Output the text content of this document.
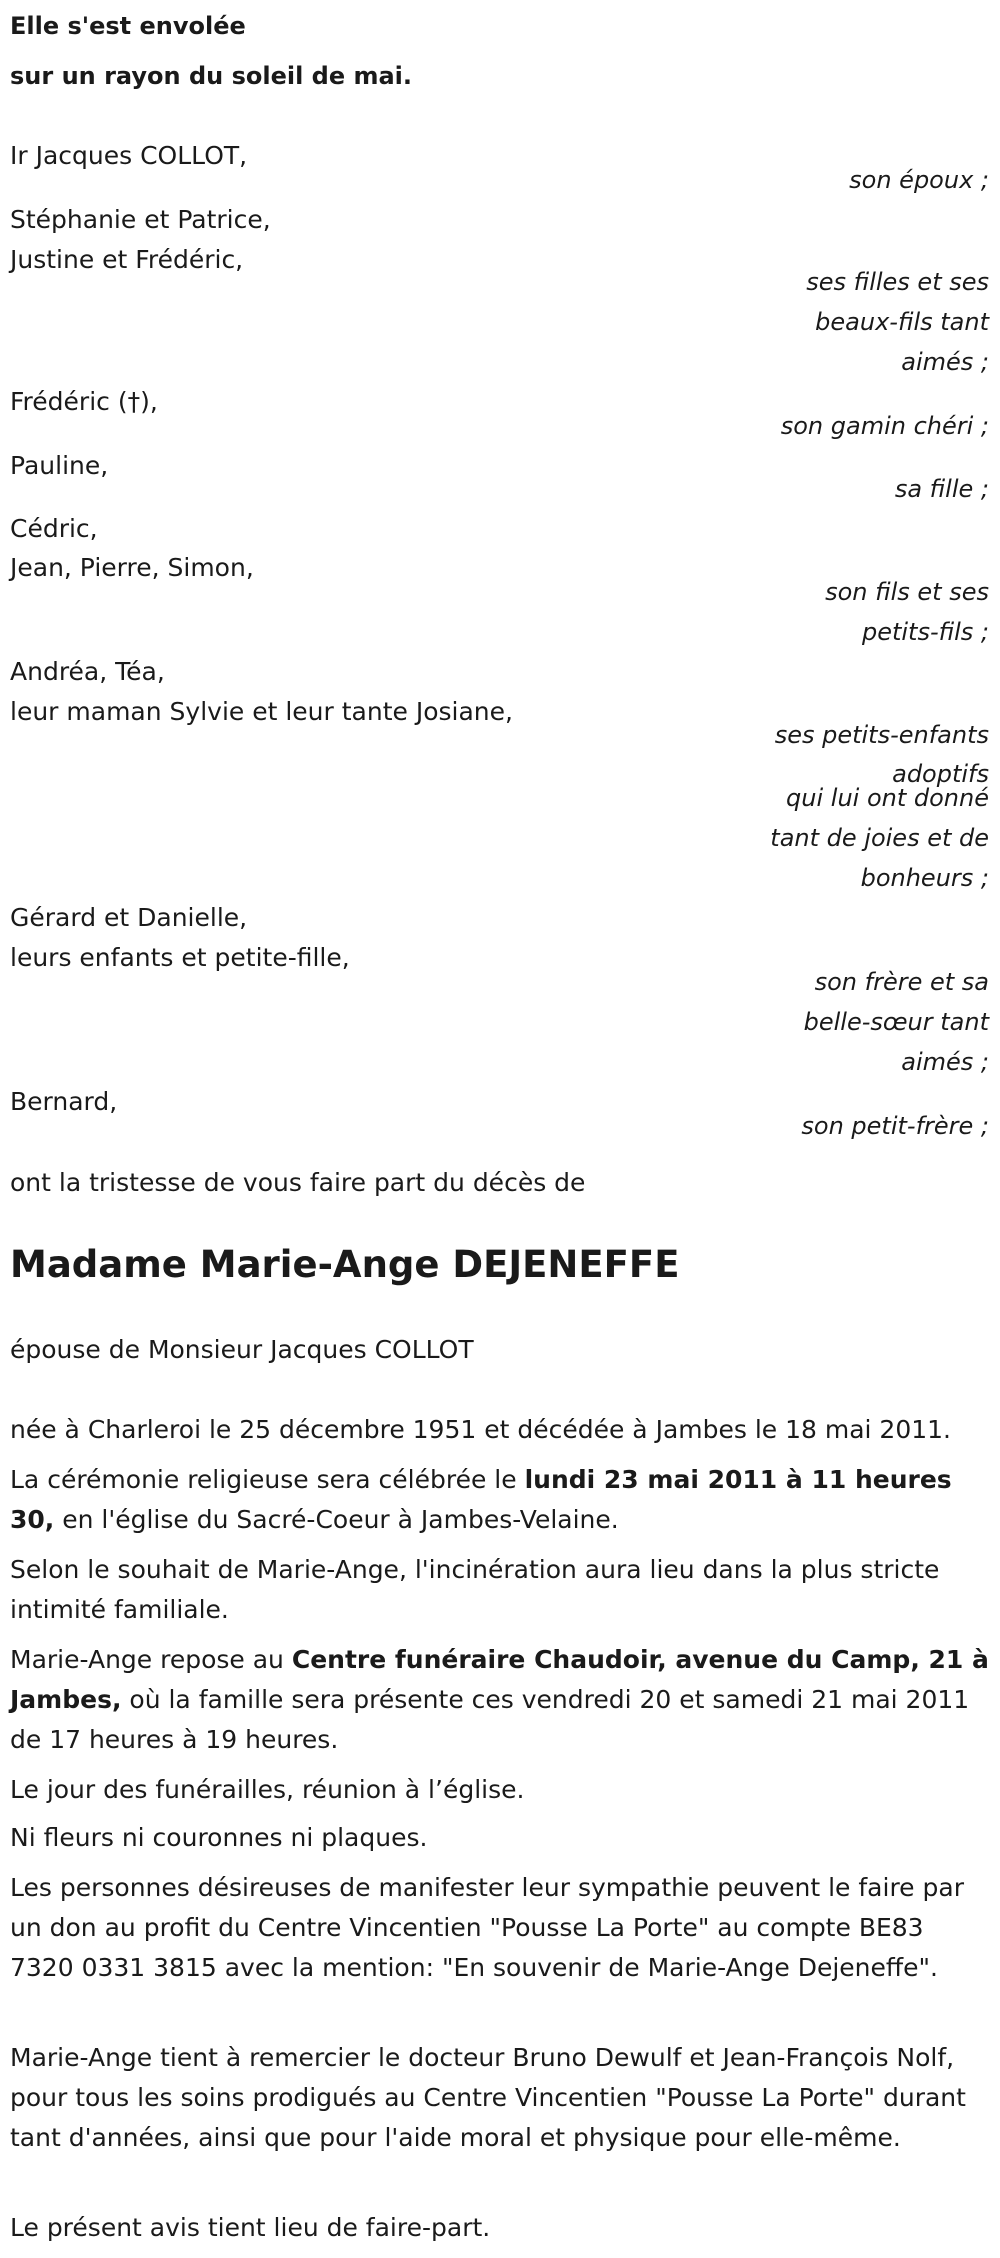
Elle s'est envolée

sur un rayon du soleil de mai.

Ir Jacques COLLOT,

son époux ;

Stéphanie et Patrice,

Justine et Frédéric,

ses filles et ses

beaux-fils tant

aimés ;

Frédéric (†),

son gamin chéri ;

Pauline,

sa fille ;

Cédric,

Jean, Pierre, Simon,

son fils et ses

petits-fils ;

Andréa, Téa,

leur maman Sylvie et leur tante Josiane,

ses petits-enfants

adoptifs

qui lui ont donné

tant de joies et de

bonheurs ;

Gérard et Danielle,

leurs enfants et petite-fille,

son frère et sa

belle-sœur tant

aimés ;

Bernard,

son petit-frère ;

ont la tristesse de vous faire part du décès de

Madame Marie-Ange DEJENEFFE

épouse de Monsieur Jacques COLLOT

née à Charleroi le 25 décembre 1951 et décédée à Jambes le 18 mai 2011.

La cérémonie religieuse sera célébrée le lundi 23 mai 2011 à 11 heures 30, en l'église du Sacré-Coeur à Jambes-Velaine.

Selon le souhait de Marie-Ange, l'incinération aura lieu dans la plus stricte intimité familiale.

Marie-Ange repose au Centre funéraire Chaudoir, avenue du Camp, 21 à Jambes, où la famille sera présente ces vendredi 20 et samedi 21 mai 2011 de 17 heures à 19 heures.

Le jour des funérailles, réunion à l’église.

Ni fleurs ni couronnes ni plaques.

Les personnes désireuses de manifester leur sympathie peuvent le faire par un don au profit du Centre Vincentien "Pousse La Porte" au compte BE83 7320 0331 3815 avec la mention: "En souvenir de Marie-Ange Dejeneffe".

Marie-Ange tient à remercier le docteur Bruno Dewulf et Jean-François Nolf, pour tous les soins prodigués au Centre Vincentien "Pousse La Porte" durant tant d'années, ainsi que pour l'aide moral et physique pour elle-même.

Le présent avis tient lieu de faire-part.
